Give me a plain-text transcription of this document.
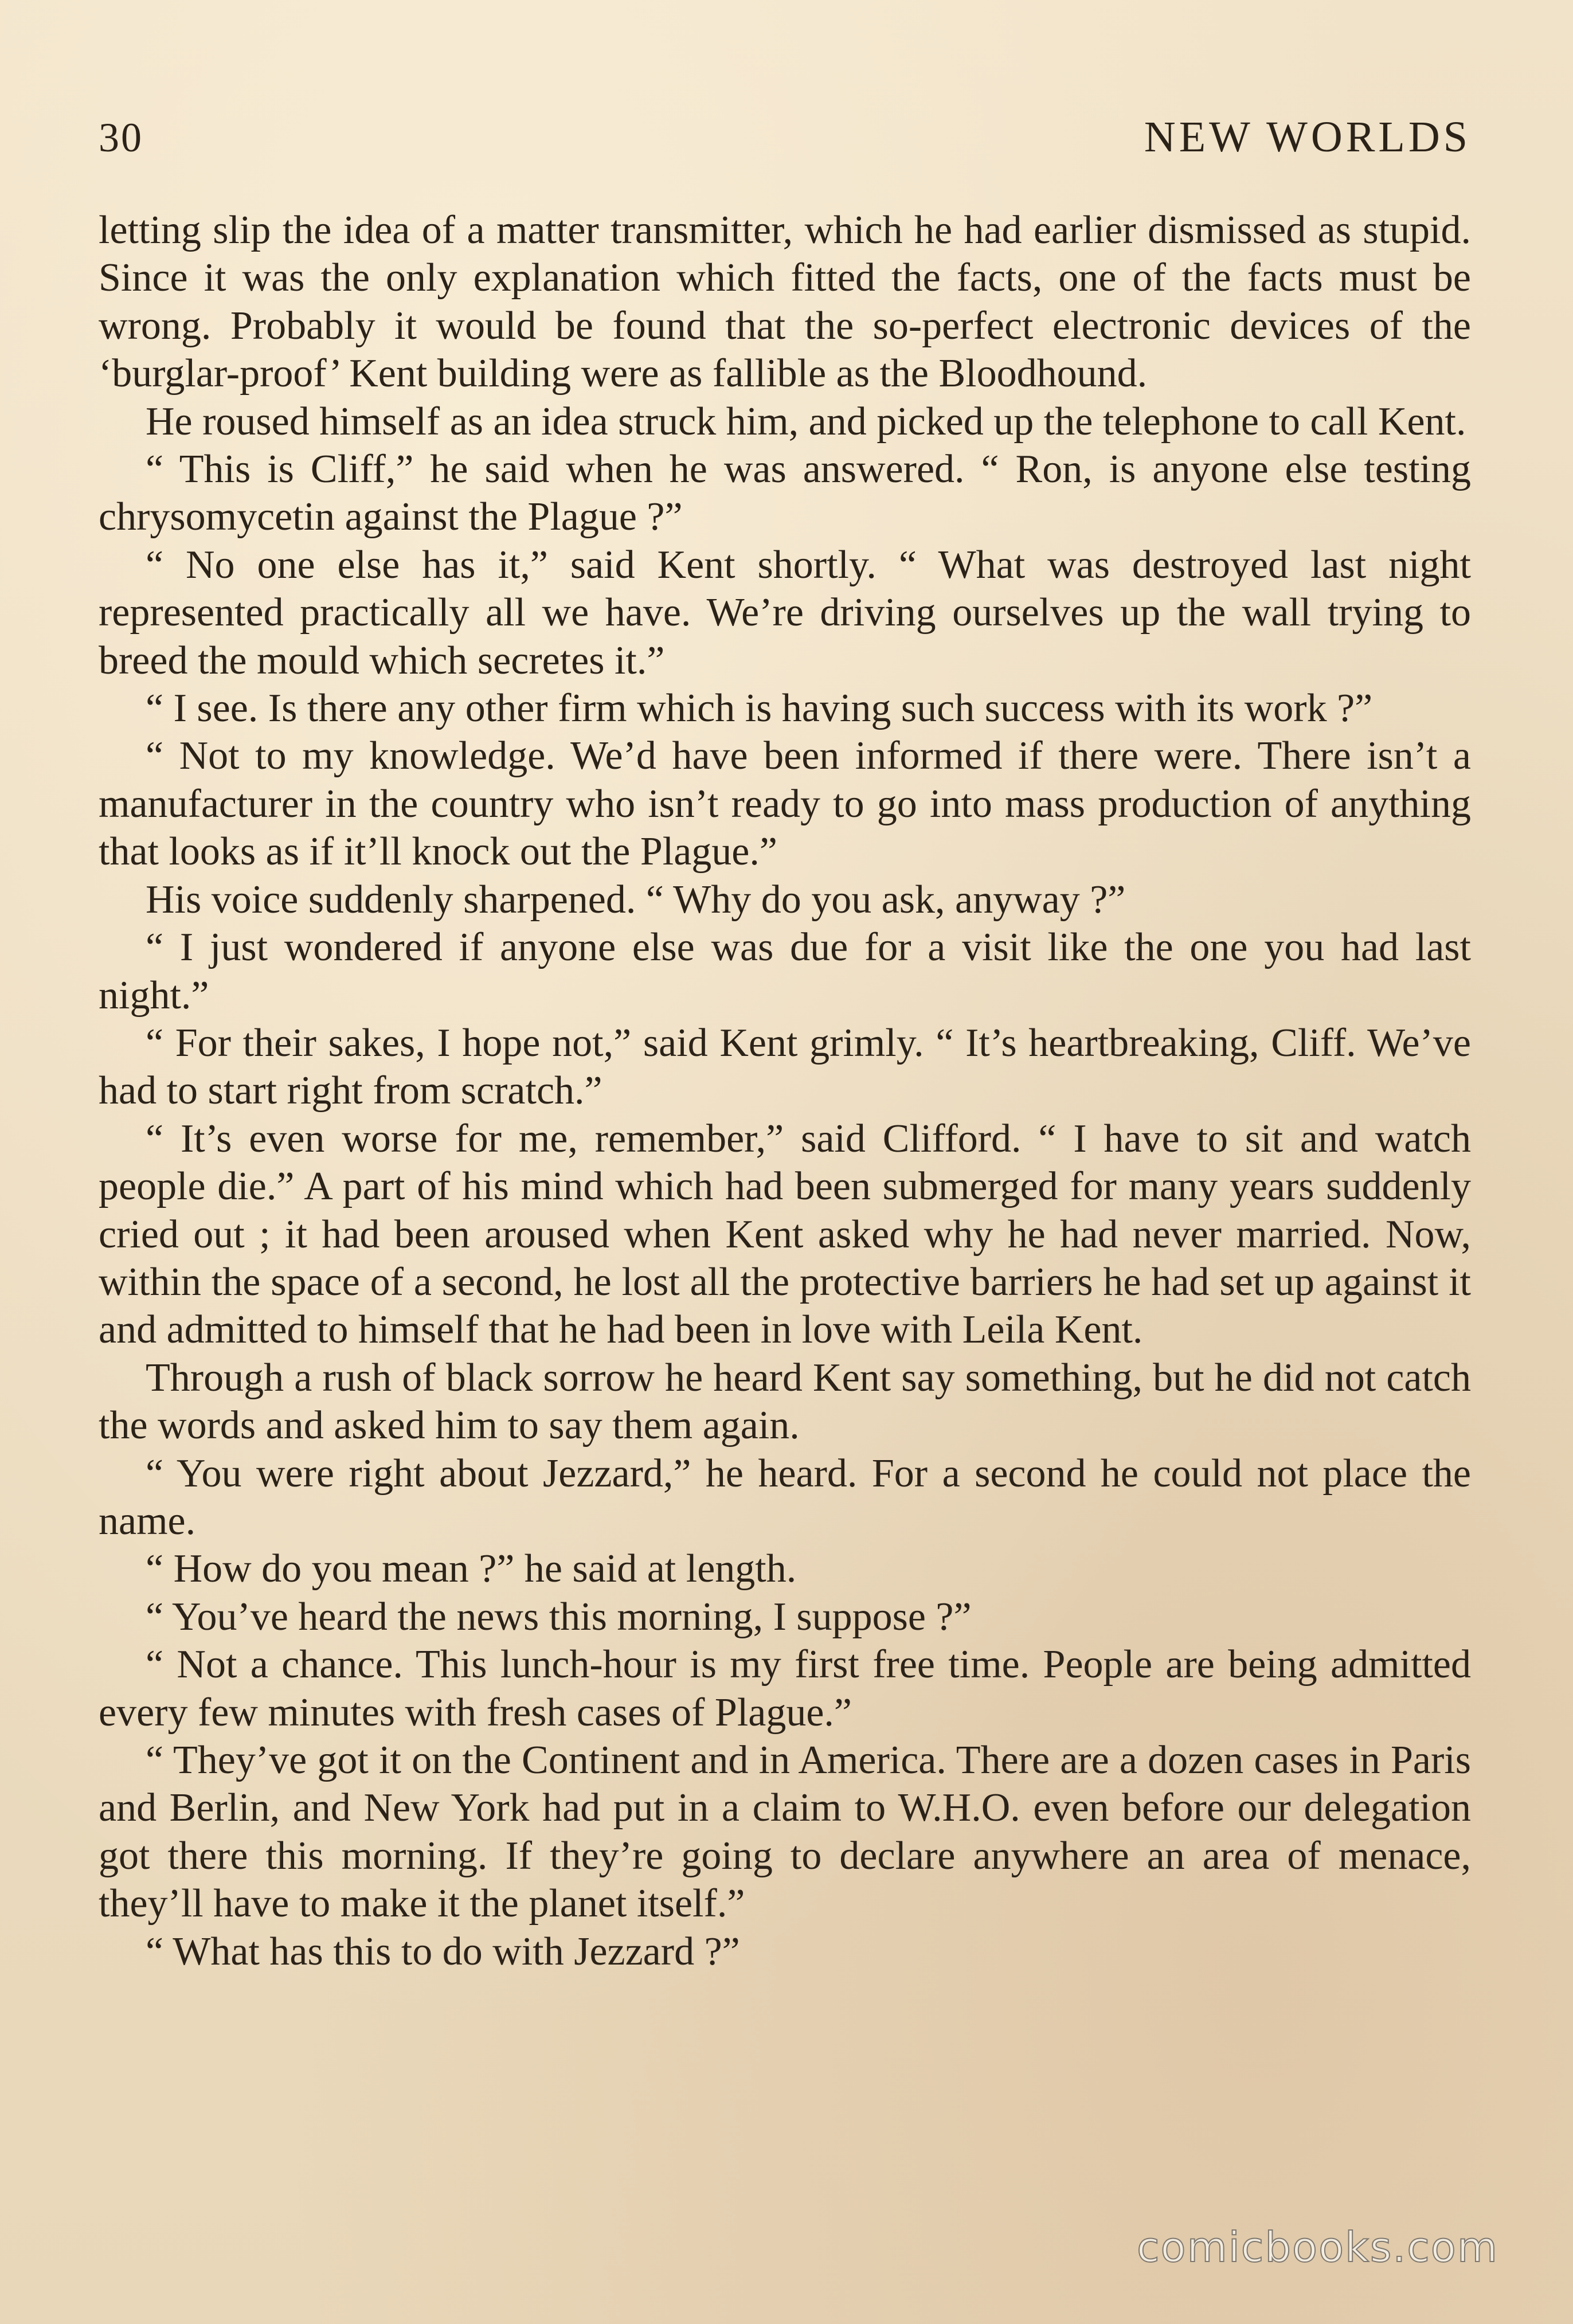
30	NEW WORLDS

letting slip the idea of a matter transmitter, which he had earlier dismissed as stupid. Since it was the only explanation which fitted the facts, one of the facts must be wrong. Probably it would be found that the so-perfect electronic devices of the ‘burglar-proof’ Kent building were as fallible as the Bloodhound.

He roused himself as an idea struck him, and picked up the telephone to call Kent.

“ This is Cliff,” he said when he was answered. “ Ron, is anyone else testing chrysomycetin against the Plague ?”

“ No one else has it,” said Kent shortly. “ What was destroyed last night represented practically all we have. We’re driving ourselves up the wall trying to breed the mould which secretes it.”

“ I see. Is there any other firm which is having such success with its work ?”

“ Not to my knowledge. We’d have been informed if there were. There isn’t a manufacturer in the country who isn’t ready to go into mass production of anything that looks as if it’ll knock out the Plague.”

His voice suddenly sharpened. “ Why do you ask, anyway ?”

“ I just wondered if anyone else was due for a visit like the one you had last night.”

“ For their sakes, I hope not,” said Kent grimly. “ It’s heartbreaking, Cliff. We’ve had to start right from scratch.”

“ It’s even worse for me, remember,” said Clifford. “ I have to sit and watch people die.” A part of his mind which had been submerged for many years suddenly cried out ; it had been aroused when Kent asked why he had never married. Now, within the space of a second, he lost all the protective barriers he had set up against it and admitted to himself that he had been in love with Leila Kent.

Through a rush of black sorrow he heard Kent say something, but he did not catch the words and asked him to say them again.

“ You were right about Jezzard,” he heard. For a second he could not place the name.

“ How do you mean ?” he said at length.

“ You’ve heard the news this morning, I suppose ?”

“ Not a chance. This lunch-hour is my first free time. People are being admitted every few minutes with fresh cases of Plague.”

“ They’ve got it on the Continent and in America. There are a dozen cases in Paris and Berlin, and New York had put in a claim to W.H.O. even before our delegation got there this morning. If they’re going to declare anywhere an area of menace, they’ll have to make it the planet itself.”

“ What has this to do with Jezzard ?”

comicbooks.com
